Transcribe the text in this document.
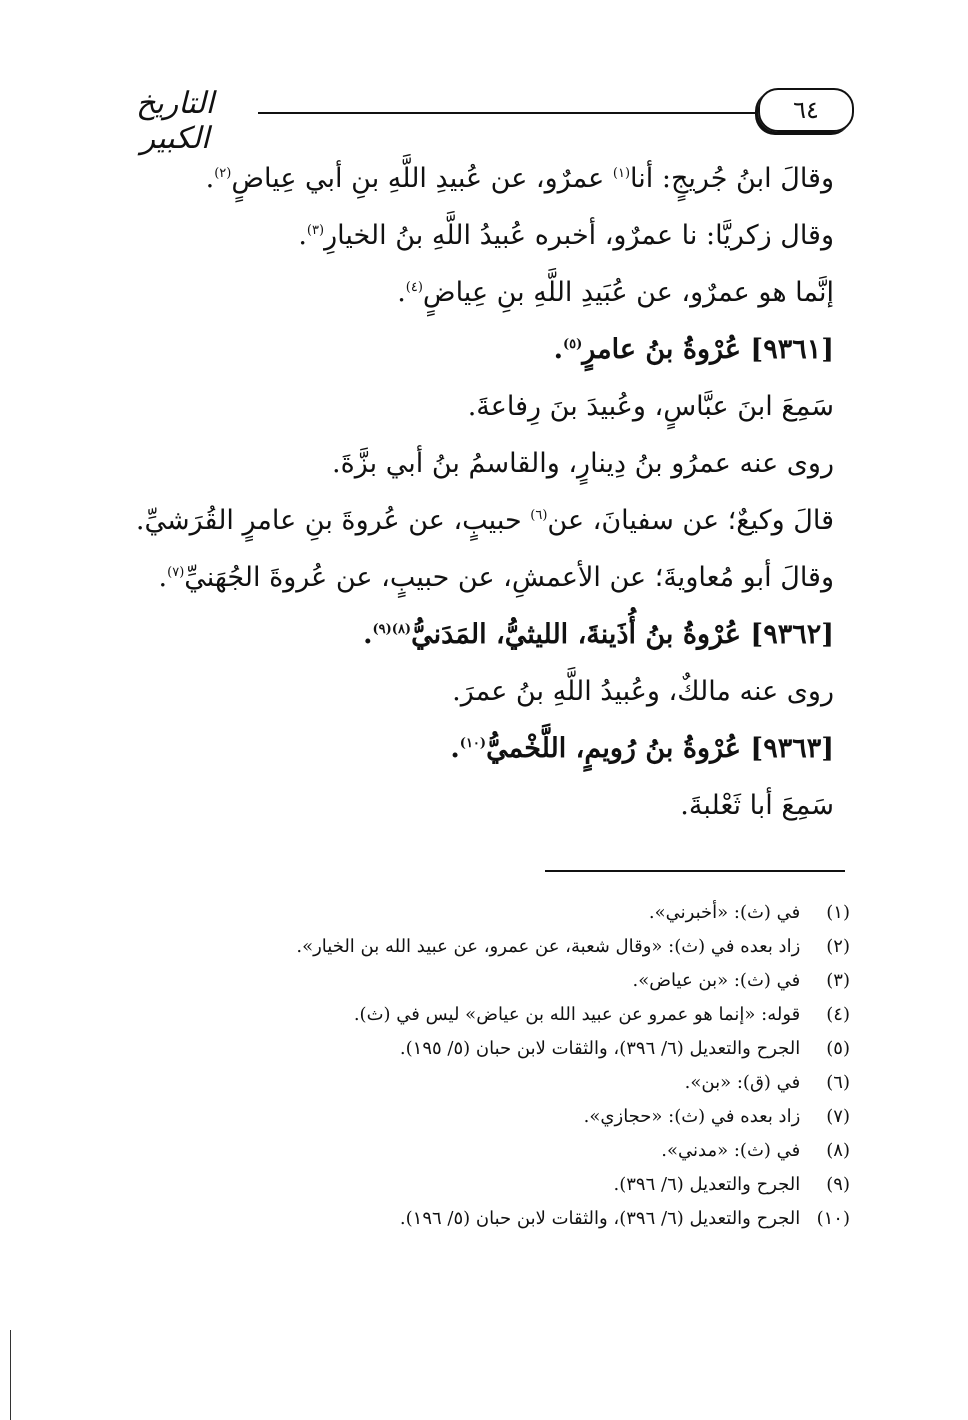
التاريخ الكبير
٦٤
وقالَ ابنُ جُريجٍ: أنا$^{(١)}$ عمرٌو، عن عُبيدِ اللَّهِ بنِ أبي عِياضٍ$^{(٢)}$.
وقال زكريَّا: نا عمرٌو، أخبره عُبيدُ اللَّهِ بنُ الخيارِ$^{(٣)}$.
إنَّما هو عمرٌو، عن عُبَيدِ اللَّهِ بنِ عِياضٍ$^{(٤)}$.
[٩٣٦١] عُرْوةُ بنُ عامرٍ$^{(٥)}$.
سَمِعَ ابنَ عبَّاسٍ، وعُبيدَ بنَ رِفاعةَ.
روى عنه عمرُو بنُ دِينارٍ، والقاسمُ بنُ أبي بزَّةَ.
قالَ وكيعٌ؛ عن سفيانَ، عن$^{(٦)}$ حبيبٍ، عن عُروةَ بنِ عامرٍ القُرَشيِّ.
وقالَ أبو مُعاويةَ؛ عن الأعمشِ، عن حبيبٍ، عن عُروةَ الجُهَنيِّ$^{(٧)}$.
[٩٣٦٢] عُرْوةُ بنُ أُذَينةَ، الليثيُّ، المَدَنيُّ$^{(٨)(٩)}$.
روى عنه مالكٌ، وعُبيدُ اللَّهِ بنُ عمرَ.
[٩٣٦٣] عُرْوةُ بنُ رُويمٍ، اللَّخْميُّ$^{(١٠)}$.
سَمِعَ أبا ثَعْلبةَ.
(١) في (ث): «أخبرني».
(٢) زاد بعده في (ث): «وقال شعبة، عن عمرو، عن عبيد الله بن الخيار».
(٣) في (ث): «بن عياض».
(٤) قوله: «إنما هو عمرو عن عبيد الله بن عياض» ليس في (ث).
(٥) الجرح والتعديل (٦/ ٣٩٦)، والثقات لابن حبان (٥/ ١٩٥).
(٦) في (ق): «بن».
(٧) زاد بعده في (ث): «حجازي».
(٨) في (ث): «مدني».
(٩) الجرح والتعديل (٦/ ٣٩٦).
(١٠) الجرح والتعديل (٦/ ٣٩٦)، والثقات لابن حبان (٥/ ١٩٦).
